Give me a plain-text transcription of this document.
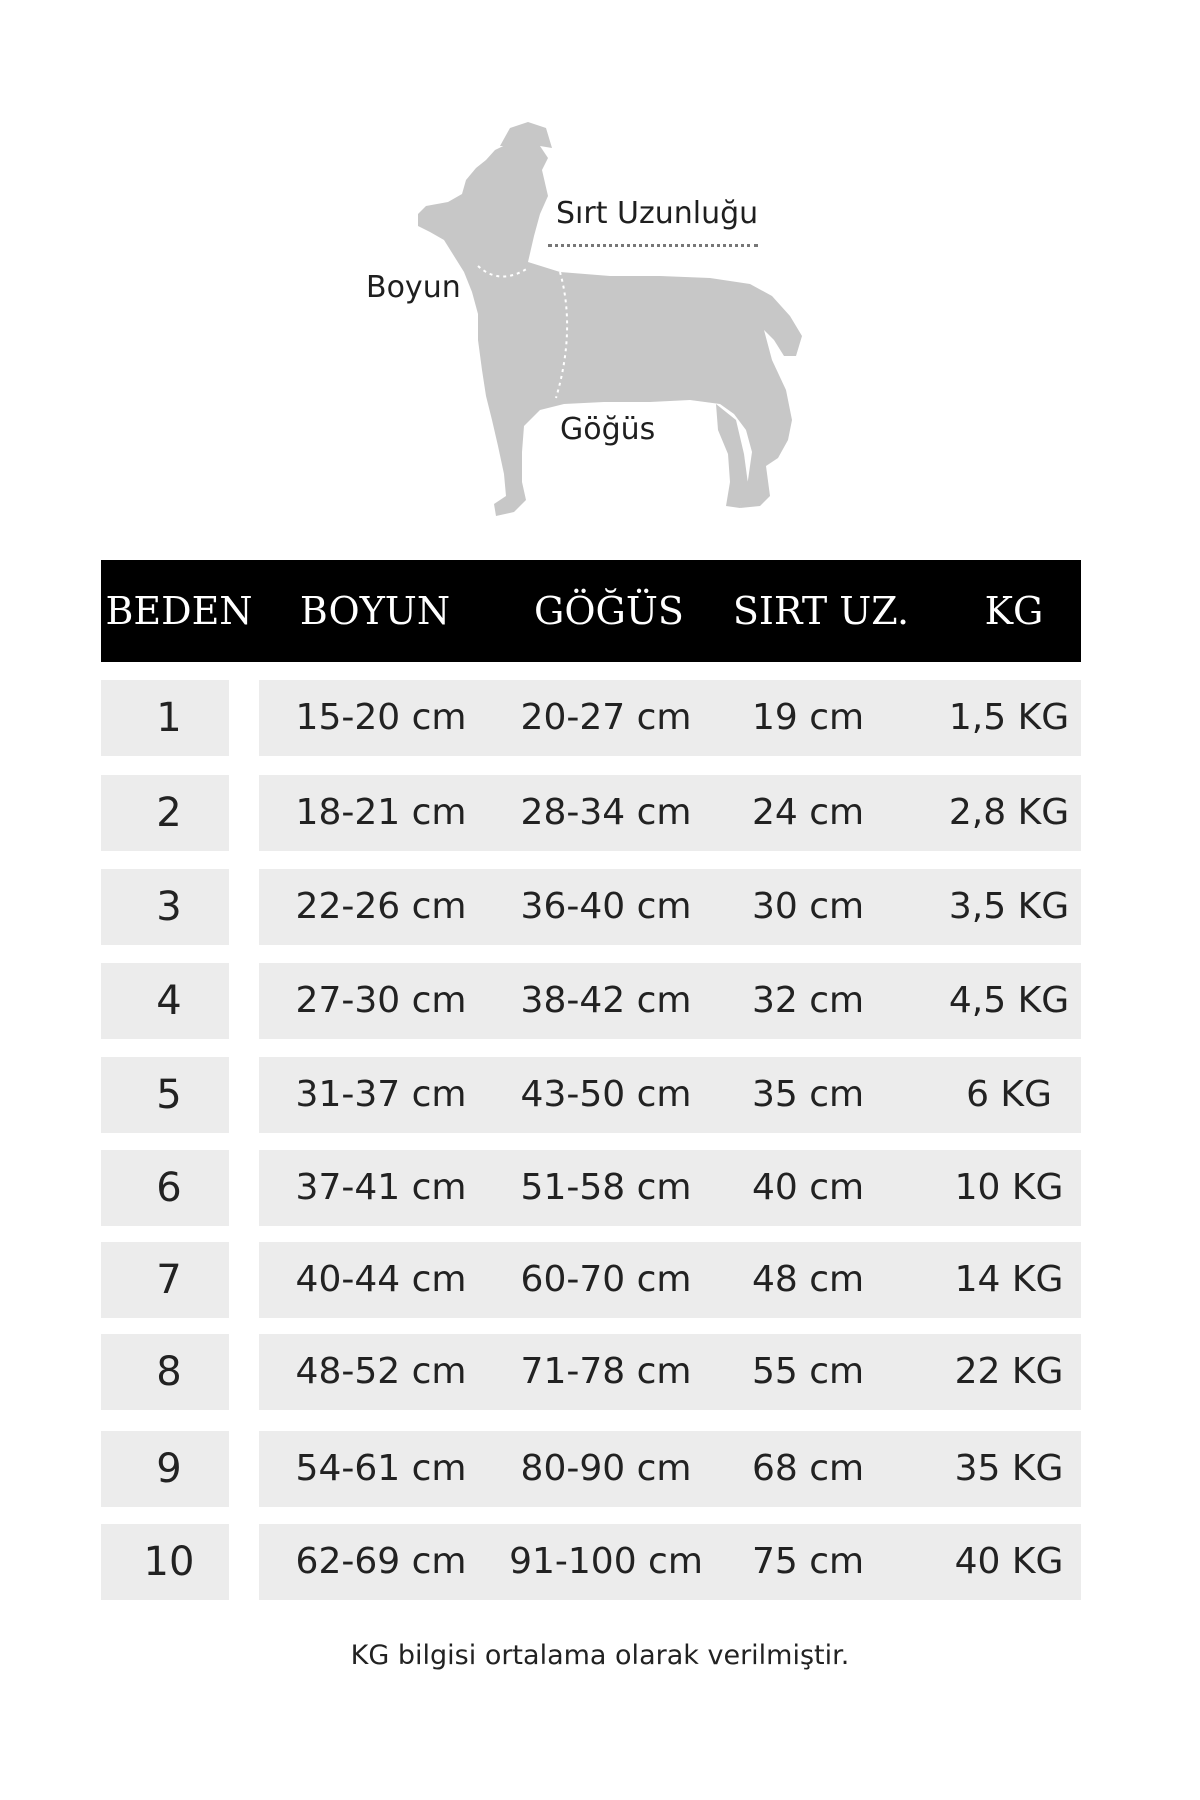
Sırt Uzunluğu
Boyun
Göğüs
BEDEN BOYUN GÖĞÜS SIRT UZ. KG
1	15-20 cm 20-27 cm 19 cm 1,5 KG
2	18-21 cm 28-34 cm 24 cm 2,8 KG
3	22-26 cm 36-40 cm 30 cm 3,5 KG
4	27-30 cm 38-42 cm 32 cm 4,5 KG
5	31-37 cm 43-50 cm 35 cm	6 KG
6	37-41 cm 51-58 cm 40 cm	10 KG
7	40-44 cm 60-70 cm 48 cm	14 KG
8	48-52 cm 71-78 cm 55 cm	22 KG
9	54-61 cm 80-90 cm 68 cm	35 KG
10	62-69 cm 91-100 cm 75 cm	40 KG
KG bilgisi ortalama olarak verilmiştir.
